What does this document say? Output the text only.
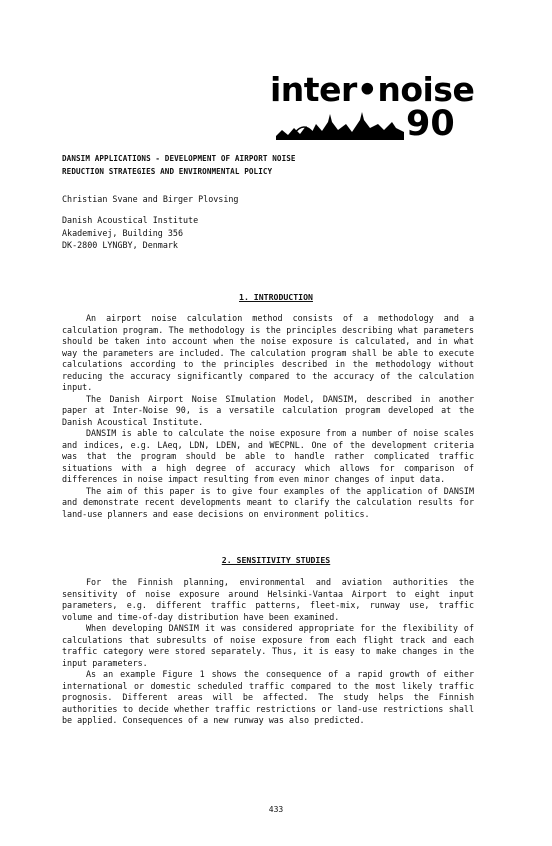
inter•noise
90
DANSIM APPLICATIONS - DEVELOPMENT OF AIRPORT NOISE
REDUCTION STRATEGIES AND ENVIRONMENTAL POLICY
Christian Svane and Birger Plovsing
Danish Acoustical Institute
Akademivej, Building 356
DK-2800 LYNGBY, Denmark
1. INTRODUCTION

An airport noise calculation method consists of a methodology and a calculation program. The methodology is the principles describing what parameters should be taken into account when the noise exposure is calculated, and in what way the parameters are included. The calculation program shall be able to execute calculations according to the principles described in the methodology without reducing the accuracy significantly compared to the accuracy of the calculation input.

The Danish Airport Noise SImulation Model, DANSIM, described in another paper at Inter-Noise 90, is a versatile calculation program developed at the Danish Acoustical Institute.

DANSIM is able to calculate the noise exposure from a number of noise scales and indices, e.g. LAeq, LDN, LDEN, and WECPNL. One of the development criteria was that the program should be able to handle rather complicated traffic situations with a high degree of accuracy which allows for comparison of differences in noise impact resulting from even minor changes of input data.

The aim of this paper is to give four examples of the application of DANSIM and demonstrate recent developments meant to clarify the calculation results for land-use planners and ease decisions on environment politics.

2. SENSITIVITY STUDIES

For the Finnish planning, environmental and aviation authorities the sensitivity of noise exposure around Helsinki-Vantaa Airport to eight input parameters, e.g. different traffic patterns, fleet-mix, runway use, traffic volume and time-of-day distribution have been examined.

When developing DANSIM it was considered appropriate for the flexibility of calculations that subresults of noise exposure from each flight track and each traffic category were stored separately. Thus, it is easy to make changes in the input parameters.

As an example Figure 1 shows the consequence of a rapid growth of either international or domestic scheduled traffic compared to the most likely traffic prognosis. Different areas will be affected. The study helps the Finnish authorities to decide whether traffic restrictions or land-use restrictions shall be applied. Consequences of a new runway was also predicted.

433
